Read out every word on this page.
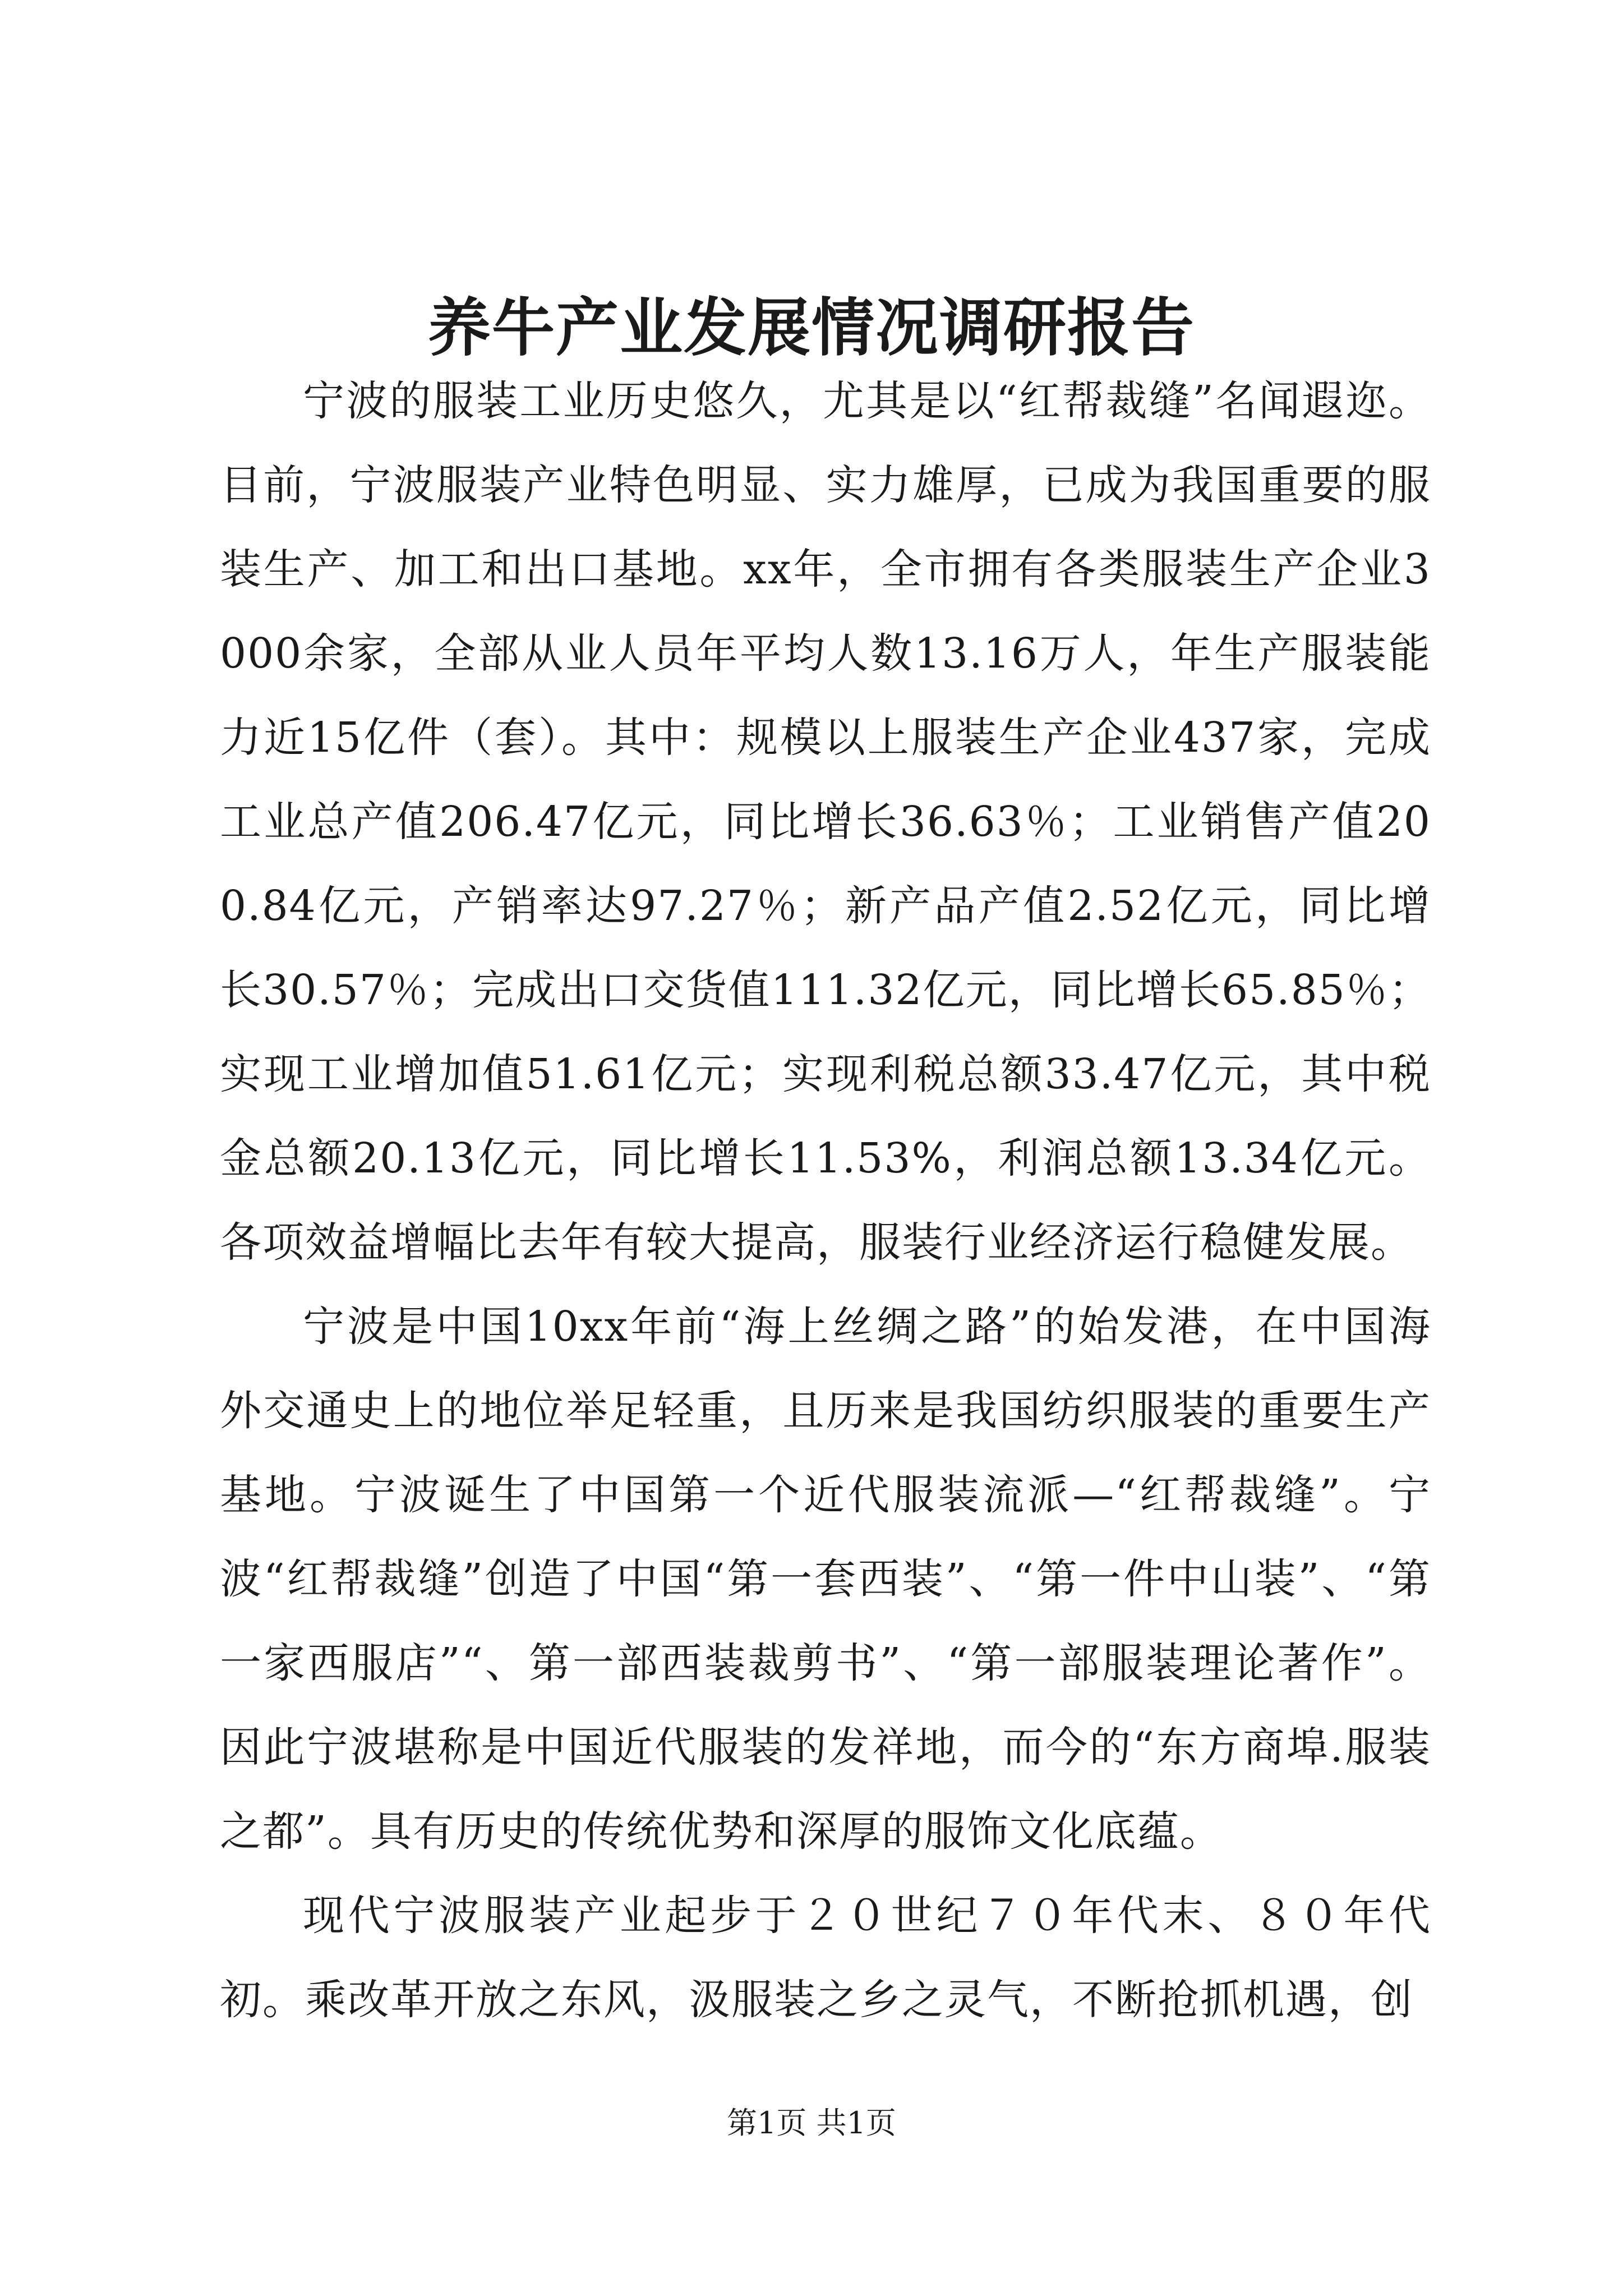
养牛产业发展情况调研报告

宁波的服装工业历史悠久，尤其是以“红帮裁缝”名闻遐迩。目前，宁波服装产业特色明显、实力雄厚，已成为我国重要的服装生产、加工和出口基地。xx年，全市拥有各类服装生产企业3000余家，全部从业人员年平均人数13.16万人，年生产服装能力近15亿件（套）。其中：规模以上服装生产企业437家，完成工业总产值206.47亿元，同比增长36.63％；工业销售产值200.84亿元，产销率达97.27％；新产品产值2.52亿元，同比增长30.57％；完成出口交货值111.32亿元，同比增长65.85％；实现工业增加值51.61亿元；实现利税总额33.47亿元，其中税金总额20.13亿元，同比增长11.53%，利润总额13.34亿元。各项效益增幅比去年有较大提高，服装行业经济运行稳健发展。

宁波是中国10xx年前“海上丝绸之路”的始发港，在中国海外交通史上的地位举足轻重，且历来是我国纺织服装的重要生产基地。宁波诞生了中国第一个近代服装流派—“红帮裁缝”。宁波“红帮裁缝”创造了中国“第一套西装”、“第一件中山装”、“第一家西服店”“、第一部西装裁剪书”、“第一部服装理论著作”。因此宁波堪称是中国近代服装的发祥地，而今的“东方商埠.服装之都”。具有历史的传统优势和深厚的服饰文化底蕴。

现代宁波服装产业起步于２０世纪７０年代末、８０年代初。乘改革开放之东风，汲服装之乡之灵气，不断抢抓机遇，创

第1页 共1页
